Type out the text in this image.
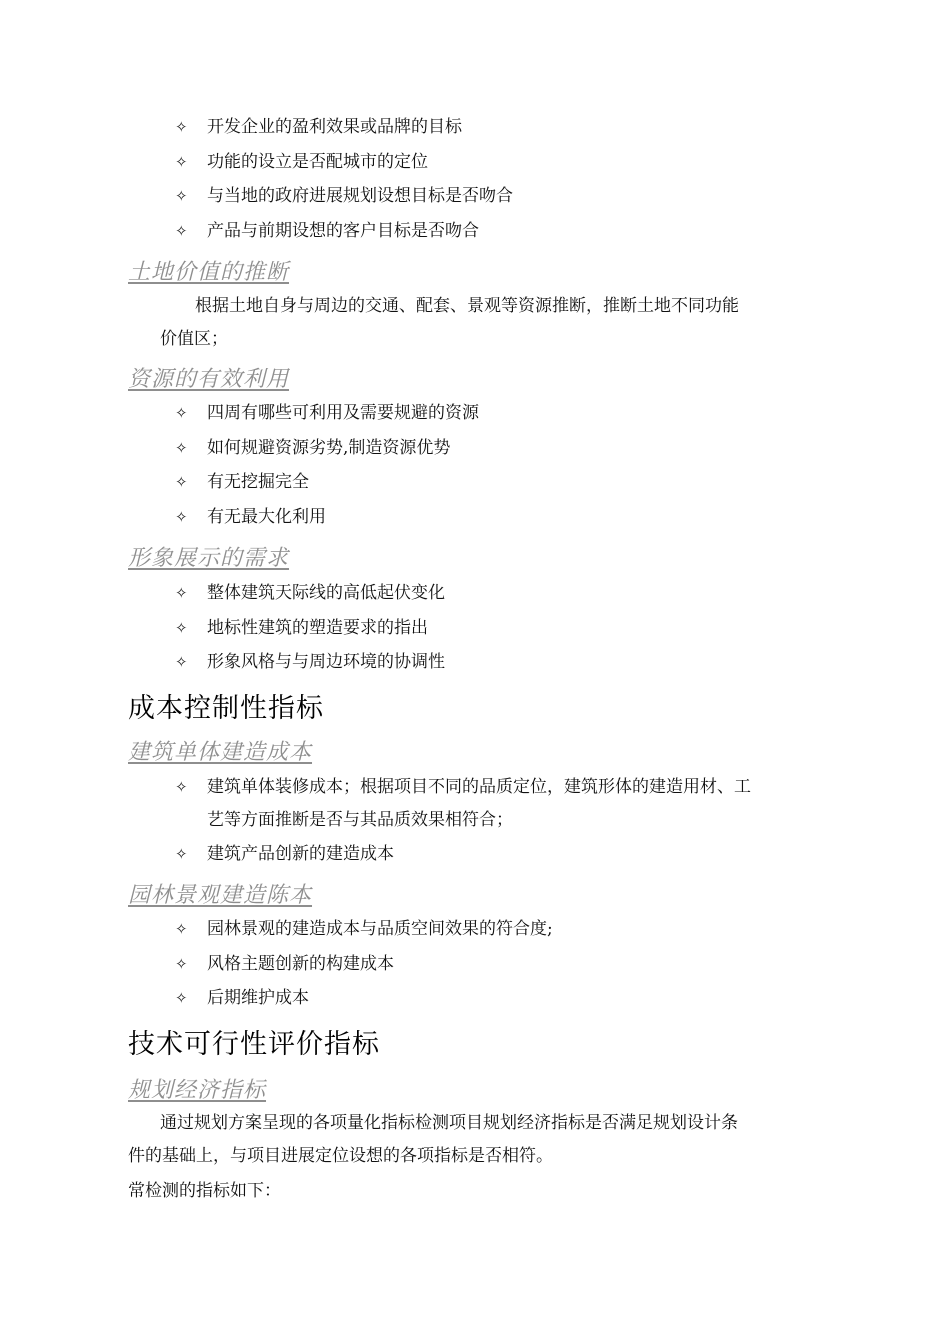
✧ 开发企业的盈利效果或品牌的目标
✧ 功能的设立是否配城市的定位
✧ 与当地的政府进展规划设想目标是否吻合
✧ 产品与前期设想的客户目标是否吻合
土地价值的推断
根据土地自身与周边的交通、配套、景观等资源推断，推断土地不同功能
价值区；
资源的有效利用
✧ 四周有哪些可利用及需要规避的资源
✧ 如何规避资源劣势,制造资源优势
✧ 有无挖掘完全
✧ 有无最大化利用
形象展示的需求
✧ 整体建筑天际线的高低起伏变化
✧ 地标性建筑的塑造要求的指出
✧ 形象风格与与周边环境的协调性
成本控制性指标
建筑单体建造成本
✧ 建筑单体装修成本；根据项目不同的品质定位，建筑形体的建造用材、工
艺等方面推断是否与其品质效果相符合；
✧ 建筑产品创新的建造成本
园林景观建造陈本
✧ 园林景观的建造成本与品质空间效果的符合度;
✧ 风格主题创新的构建成本
✧ 后期维护成本
技术可行性评价指标
规划经济指标
通过规划方案呈现的各项量化指标检测项目规划经济指标是否满足规划设计条
件的基础上，与项目进展定位设想的各项指标是否相符。
常检测的指标如下：
